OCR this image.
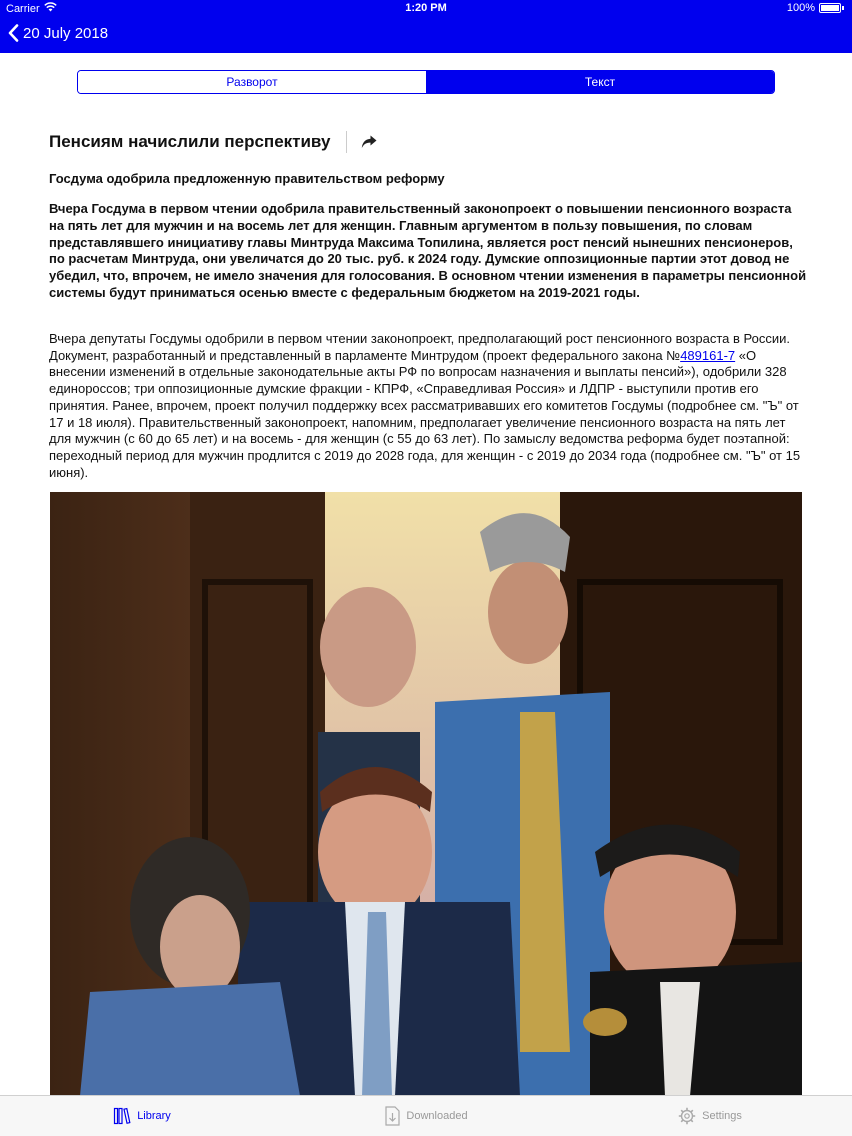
Carrier	1:20 PM	100%
20 July 2018
Разворот	Текст
Пенсиям начислили перспективу
Госдума одобрила предложенную правительством реформу
Вчера Госдума в первом чтении одобрила правительственный законопроект о повышении пенсионного возраста на пять лет для мужчин и на восемь лет для женщин. Главным аргументом в пользу повышения, по словам представлявшего инициативу главы Минтруда Максима Топилина, является рост пенсий нынешних пенсионеров, по расчетам Минтруда, они увеличатся до 20 тыс. руб. к 2024 году. Думские оппозиционные партии этот довод не убедил, что, впрочем, не имело значения для голосования. В основном чтении изменения в параметры пенсионной системы будут приниматься осенью вместе с федеральным бюджетом на 2019-2021 годы.
Вчера депутаты Госдумы одобрили в первом чтении законопроект, предполагающий рост пенсионного возраста в России. Документ, разработанный и представленный в парламенте Минтрудом (проект федерального закона №489161-7 «О внесении изменений в отдельные законодательные акты РФ по вопросам назначения и выплаты пенсий»), одобрили 328 единороссов; три оппозиционные думские фракции - КПРФ, «Справедливая Россия» и ЛДПР - выступили против его принятия. Ранее, впрочем, проект получил поддержку всех рассматривавших его комитетов Госдумы (подробнее см. "Ъ" от 17 и 18 июля). Правительственный законопроект, напомним, предполагает увеличение пенсионного возраста на пять лет для мужчин (с 60 до 65 лет) и на восемь - для женщин (с 55 до 63 лет). По замыслу ведомства реформа будет поэтапной: переходный период для мужчин продлится с 2019 до 2028 года, для женщин - с 2019 до 2034 года (подробнее см. "Ъ" от 15 июня).
Library	Downloaded	Settings
